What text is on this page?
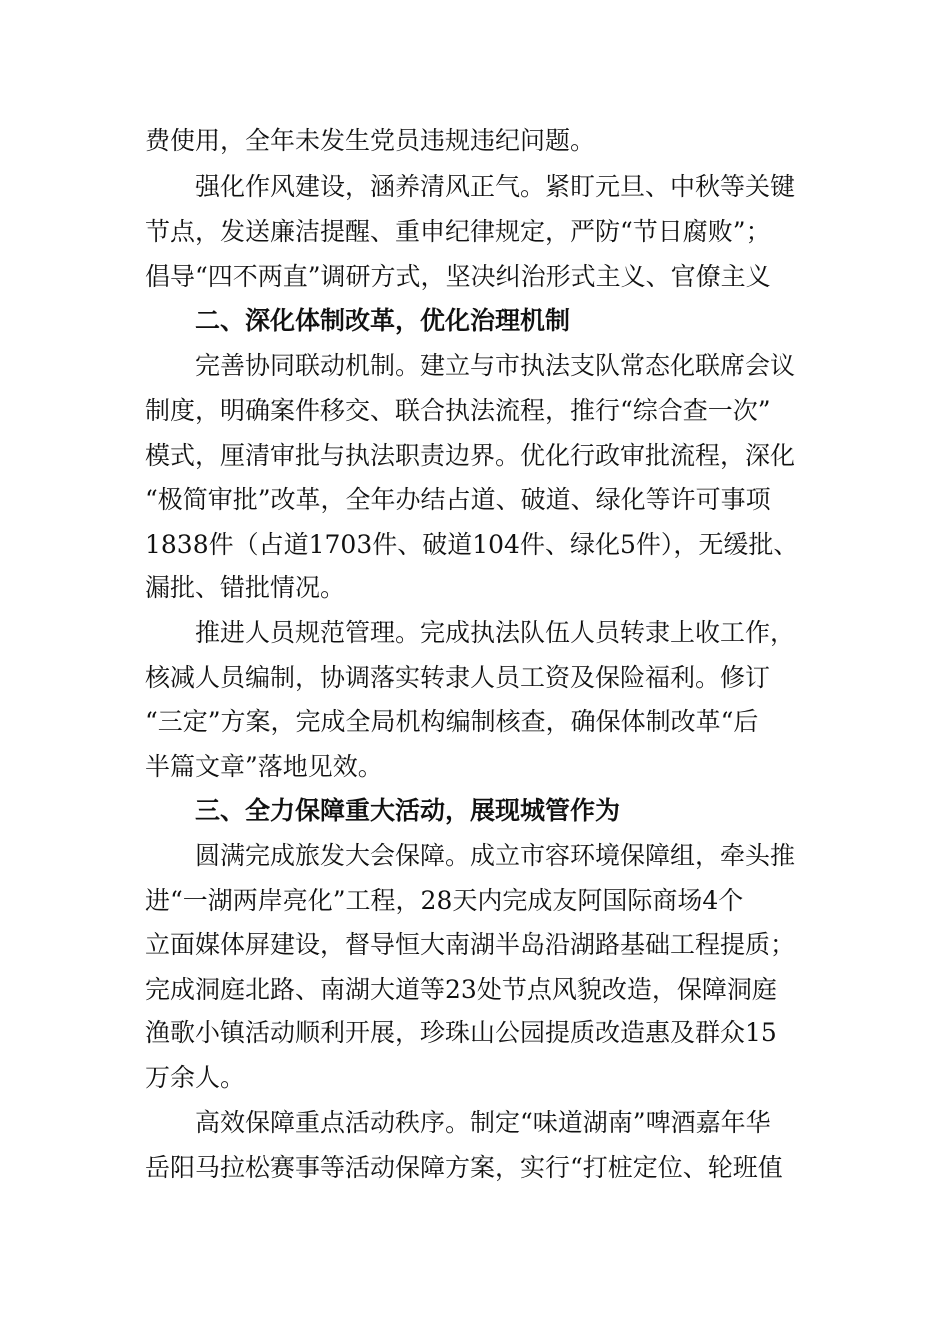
费使用，全年未发生党员违规违纪问题。
强化作风建设，涵养清风正气。紧盯元旦、中秋等关键
节点，发送廉洁提醒、重申纪律规定，严防“节日腐败”；
倡导“四不两直”调研方式，坚决纠治形式主义、官僚主义
二、深化体制改革，优化治理机制
完善协同联动机制。建立与市执法支队常态化联席会议
制度，明确案件移交、联合执法流程，推行“综合查一次”
模式，厘清审批与执法职责边界。优化行政审批流程，深化
“极简审批”改革，全年办结占道、破道、绿化等许可事项
1838件（占道1703件、破道104件、绿化5件），无缓批、
漏批、错批情况。
推进人员规范管理。完成执法队伍人员转隶上收工作，
核减人员编制，协调落实转隶人员工资及保险福利。修订
“三定”方案，完成全局机构编制核查，确保体制改革“后
半篇文章”落地见效。
三、全力保障重大活动，展现城管作为
圆满完成旅发大会保障。成立市容环境保障组，牵头推
进“一湖两岸亮化”工程，28天内完成友阿国际商场4个
立面媒体屏建设，督导恒大南湖半岛沿湖路基础工程提质；
完成洞庭北路、南湖大道等23处节点风貌改造，保障洞庭
渔歌小镇活动顺利开展，珍珠山公园提质改造惠及群众15
万余人。
高效保障重点活动秩序。制定“味道湖南”啤酒嘉年华
岳阳马拉松赛事等活动保障方案，实行“打桩定位、轮班值
